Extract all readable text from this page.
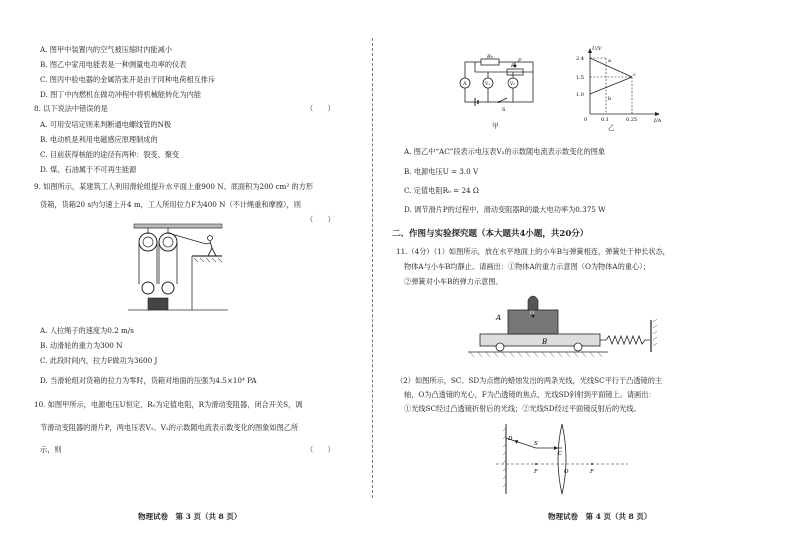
A. 图甲中装置内的空气被压缩时内能减小
B. 图乙中家用电能表是一种测量电功率的仪表
C. 图丙中验电器的金属箔张开是由于同种电荷相互排斥
D. 图丁中内燃机在做功冲程中将机械能转化为内能
8. 以下说法中错误的是	（　　）
A. 可用安培定则来判断通电螺线管的N极
B. 电动机是利用电磁感应原理制成的
C. 目前获得核能的途径有两种：裂变、聚变
D. 煤、石油属于不可再生能源
9. 如图所示，某建筑工人利用滑轮组提升水平面上重900 N、底面积为200 cm² 的方形
货箱，货箱20 s内匀速上升4 m，工人所用拉力F为400 N（不计绳重和摩擦），则
（　　）
A. 人拉绳子的速度为0.2 m/s
B. 动滑轮的重力为300 N
C. 此段时间内，拉力F做功为3600 J
D. 当滑轮组对货箱的拉力为零时，货箱对地面的压强为4.5×10⁴ PA
10. 如图甲所示，电源电压U恒定，R₀为定值电阻，R为滑动变阻器，闭合开关S，调
节滑动变阻器的滑片P，两电压表V₁、V₂的示数随电流表示数变化的图象如图乙所
示，则	（　　）
物理试卷　第 3 页（共 8 页）
R₀
R
P
S
A	V₁	V₂
甲
U/V
I/A
2.4
1.5
1.0
0	0.1	0.25
a
b
c
乙
A. 图乙中“AC”段表示电压表V₂的示数随电流表示数变化的图象
B. 电源电压U = 3.0 V
C. 定值电阻R₀ = 24 Ω
D. 调节滑片P的过程中，滑动变阻器R的最大电功率为0.375 W
二、作图与实验探究题（本大题共4小题，共20分）
11.（4分）（1）如图所示，放在水平地面上的小车B与弹簧相连，弹簧处于伸长状态，
物体A与小车B均静止。请画出：①物体A的重力示意图（O为物体A的重心）；
②弹簧对小车B的弹力示意图。
A
B
O
（2）如图所示，SC、SD为点燃的蜡烛发出的两条光线，光线SC平行于凸透镜的主
轴，O为凸透镜的光心，F为凸透镜的焦点，光线SD斜射到平面镜上。请画出：
①光线SC经过凸透镜折射后的光线；②光线SD经过平面镜反射后的光线。
D
S
C
F	F
O
物理试卷　第 4 页（共 8 页）
